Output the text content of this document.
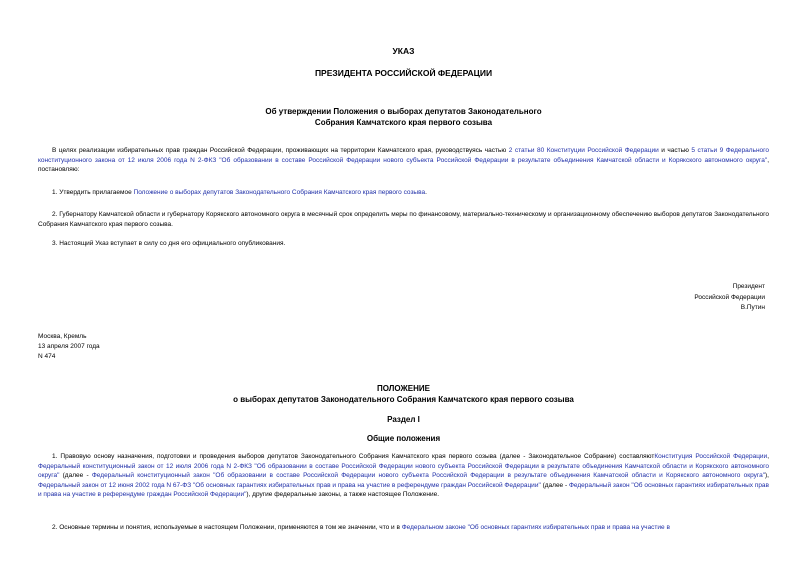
УКАЗ
ПРЕЗИДЕНТА РОССИЙСКОЙ ФЕДЕРАЦИИ
Об утверждении Положения о выборах депутатов Законодательного
Собрания Камчатского края первого созыва

В целях реализации избирательных прав граждан Российской Федерации, проживающих на территории Камчатского края, руководствуясь частью 2 статьи 80 Конституции Российской Федерации и частью 5 статьи 9 Федерального конституционного закона от 12 июля 2006 года N 2-ФКЗ "Об образовании в составе Российской Федерации нового субъекта Российской Федерации в результате объединения Камчатской области и Корякского автономного округа", постановляю:

1. Утвердить прилагаемое Положение о выборах депутатов Законодательного Собрания Камчатского края первого созыва.

2. Губернатору Камчатской области и губернатору Корякского автономного округа в месячный срок определить меры по финансовому, материально-техническому и организационному обеспечению выборов депутатов Законодательного Собрания Камчатского края первого созыва.

3. Настоящий Указ вступает в силу со дня его официального опубликования.

Президент
Российской Федерации
В.Путин
Москва, Кремль
13 апреля 2007 года
N 474
ПОЛОЖЕНИЕ
о выборах депутатов Законодательного Собрания Камчатского края первого созыва
Раздел I
Общие положения

1. Правовую основу назначения, подготовки и проведения выборов депутатов Законодательного Собрания Камчатского края первого созыва (далее - Законодательное Собрание) составляютКонституция Российской Федерации, Федеральный конституционный закон от 12 июля 2006 года N 2-ФКЗ "Об образовании в составе Российской Федерации нового субъекта Российской Федерации в результате объединения Камчатской области и Корякского автономного округа" (далее - Федеральный конституционный закон "Об образовании в составе Российской Федерации нового субъекта Российской Федерации в результате объединения Камчатской области и Корякского автономного округа"), Федеральный закон от 12 июня 2002 года N 67-ФЗ "Об основных гарантиях избирательных прав и права на участие в референдуме граждан Российской Федерации" (далее - Федеральный закон "Об основных гарантиях избирательных прав и права на участие в референдуме граждан Российской Федерации"), другие федеральные законы, а также настоящее Положение.

2. Основные термины и понятия, используемые в настоящем Положении, применяются в том же значении, что и в Федеральном законе "Об основных гарантиях избирательных прав и права на участие в
